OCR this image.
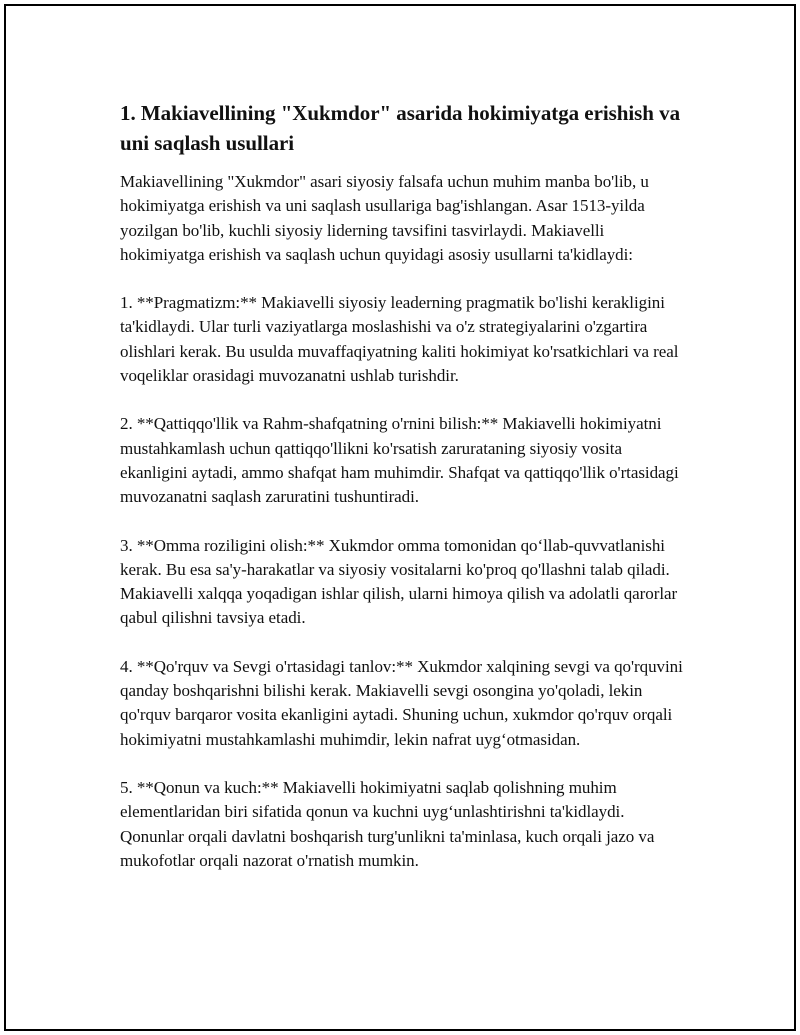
1. Makiavellining "Xukmdor" asarida hokimiyatga erishish va uni saqlash usullari
Makiavellining "Xukmdor" asari siyosiy falsafa uchun muhim manba bo'lib, u hokimiyatga erishish va uni saqlash usullariga bag'ishlangan. Asar 1513-yilda yozilgan bo'lib, kuchli siyosiy liderning tavsifini tasvirlaydi. Makiavelli hokimiyatga erishish va saqlash uchun quyidagi asosiy usullarni ta'kidlaydi:
1. **Pragmatizm:** Makiavelli siyosiy leaderning pragmatik bo'lishi kerakligini ta'kidlaydi. Ular turli vaziyatlarga moslashishi va o'z strategiyalarini o'zgartira olishlari kerak. Bu usulda muvaffaqiyatning kaliti hokimiyat ko'rsatkichlari va real voqeliklar orasidagi muvozanatni ushlab turishdir.
2. **Qattiqqo'llik va Rahm-shafqatning o'rnini bilish:** Makiavelli hokimiyatni mustahkamlash uchun qattiqqo'llikni ko'rsatish zarurataning siyosiy vosita ekanligini aytadi, ammo shafqat ham muhimdir. Shafqat va qattiqqo'llik o'rtasidagi muvozanatni saqlash zaruratini tushuntiradi.
3. **Omma roziligini olish:** Xukmdor omma tomonidan qo‘llab-quvvatlanishi kerak. Bu esa sa'y-harakatlar va siyosiy vositalarni ko'proq qo'llashni talab qiladi. Makiavelli xalqqa yoqadigan ishlar qilish, ularni himoya qilish va adolatli qarorlar qabul qilishni tavsiya etadi.
4. **Qo'rquv va Sevgi o'rtasidagi tanlov:** Xukmdor xalqining sevgi va qo'rquvini qanday boshqarishni bilishi kerak. Makiavelli sevgi osongina yo'qoladi, lekin qo'rquv barqaror vosita ekanligini aytadi. Shuning uchun, xukmdor qo'rquv orqali hokimiyatni mustahkamlashi muhimdir, lekin nafrat uyg‘otmasidan.
5. **Qonun va kuch:** Makiavelli hokimiyatni saqlab qolishning muhim elementlaridan biri sifatida qonun va kuchni uyg‘unlashtirishni ta'kidlaydi. Qonunlar orqali davlatni boshqarish turg'unlikni ta'minlasa, kuch orqali jazo va mukofotlar orqali nazorat o'rnatish mumkin.
